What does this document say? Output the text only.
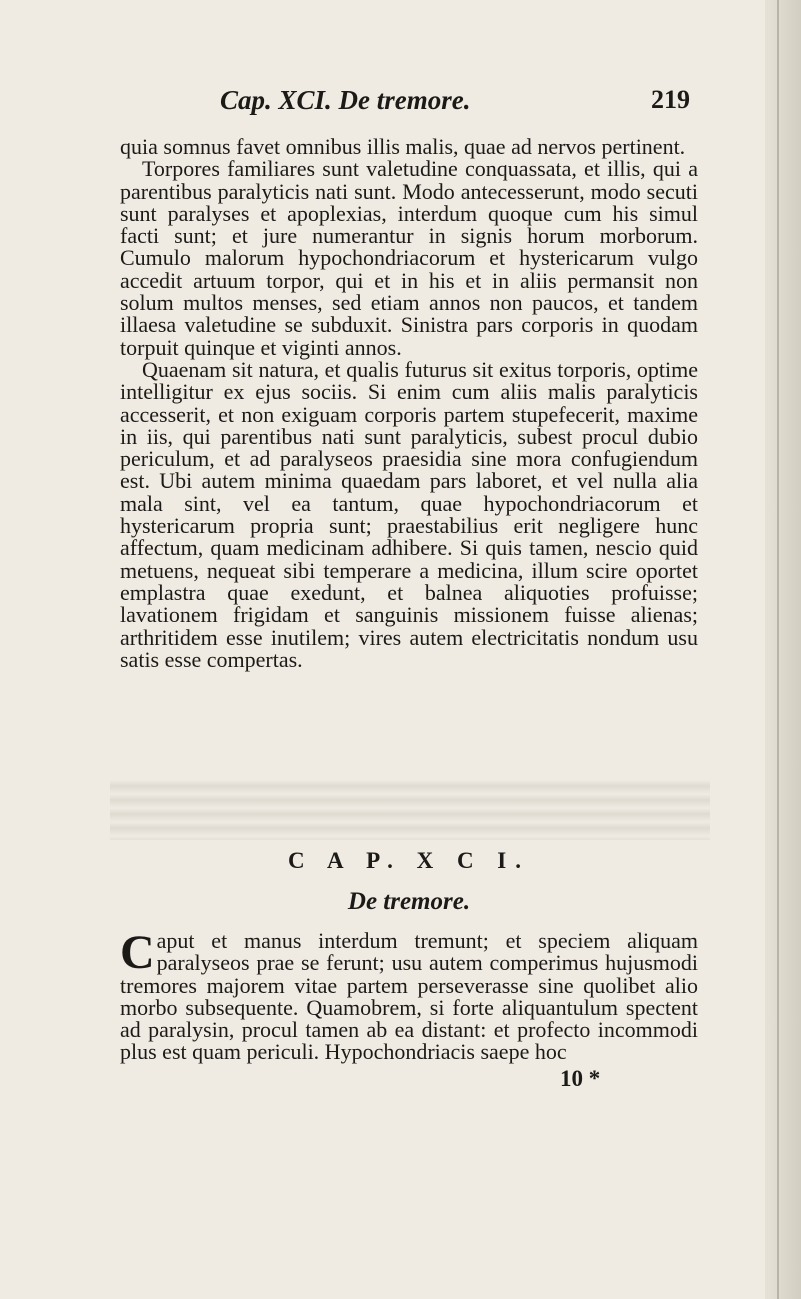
Cap. XCI. De tremore.	219

quia somnus favet omnibus illis malis, quae ad nervos pertinent.

Torpores familiares sunt valetudine conquassata, et illis, qui a parentibus paralyticis nati sunt. Modo antecesserunt, modo secuti sunt paralyses et apoplexias, interdum quoque cum his simul facti sunt; et jure numerantur in signis horum morborum. Cumulo malorum hypochondriacorum et hystericarum vulgo accedit artuum torpor, qui et in his et in aliis permansit non solum multos menses, sed etiam annos non paucos, et tandem illaesa valetudine se subduxit. Sinistra pars corporis in quodam torpuit quinque et viginti annos.

Quaenam sit natura, et qualis futurus sit exitus torporis, optime intelligitur ex ejus sociis. Si enim cum aliis malis paralyticis accesserit, et non exiguam corporis partem stupefecerit, maxime in iis, qui parentibus nati sunt paralyticis, subest procul dubio periculum, et ad paralyseos praesidia sine mora confugiendum est. Ubi autem minima quaedam pars laboret, et vel nulla alia mala sint, vel ea tantum, quae hypochondriacorum et hystericarum propria sunt; praestabilius erit negligere hunc affectum, quam medicinam adhibere. Si quis tamen, nescio quid metuens, nequeat sibi temperare a medicina, illum scire oportet emplastra quae exedunt, et balnea aliquoties profuisse; lavationem frigidam et sanguinis missionem fuisse alienas; arthritidem esse inutilem; vires autem electricitatis nondum usu satis esse compertas.

C A P. X C I.
De tremore.

Caput et manus interdum tremunt; et speciem aliquam paralyseos prae se ferunt; usu autem comperimus hujusmodi tremores majorem vitae partem perseverasse sine quolibet alio morbo subsequente. Quamobrem, si forte aliquantulum spectent ad paralysin, procul tamen ab ea distant: et profecto incommodi plus est quam periculi. Hypochondriacis saepe hoc

10 *
